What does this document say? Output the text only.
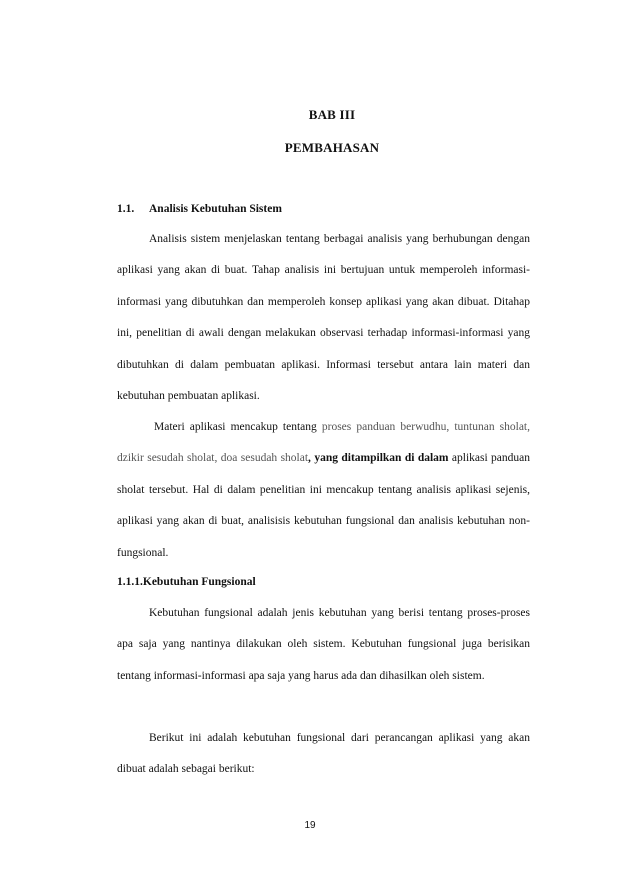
BAB III
PEMBAHASAN
1.1. Analisis Kebutuhan Sistem

Analisis sistem menjelaskan tentang berbagai analisis yang berhubungan dengan aplikasi yang akan di buat. Tahap analisis ini bertujuan untuk memperoleh informasi-informasi yang dibutuhkan dan memperoleh konsep aplikasi yang akan dibuat. Ditahap ini, penelitian di awali dengan melakukan observasi terhadap informasi-informasi yang dibutuhkan di dalam pembuatan aplikasi. Informasi tersebut antara lain materi dan kebutuhan pembuatan aplikasi.

Materi aplikasi mencakup tentang proses panduan berwudhu, tuntunan sholat, dzikir sesudah sholat, doa sesudah sholat, yang ditampilkan di dalam aplikasi panduan sholat tersebut. Hal di dalam penelitian ini mencakup tentang analisis aplikasi sejenis, aplikasi yang akan di buat, analisisis kebutuhan fungsional dan analisis kebutuhan non-fungsional.

1.1.1.Kebutuhan Fungsional

Kebutuhan fungsional adalah jenis kebutuhan yang berisi tentang proses-proses apa saja yang nantinya dilakukan oleh sistem. Kebutuhan fungsional juga berisikan tentang informasi-informasi apa saja yang harus ada dan dihasilkan oleh sistem.

Berikut ini adalah kebutuhan fungsional dari perancangan aplikasi yang akan dibuat adalah sebagai berikut:

19
